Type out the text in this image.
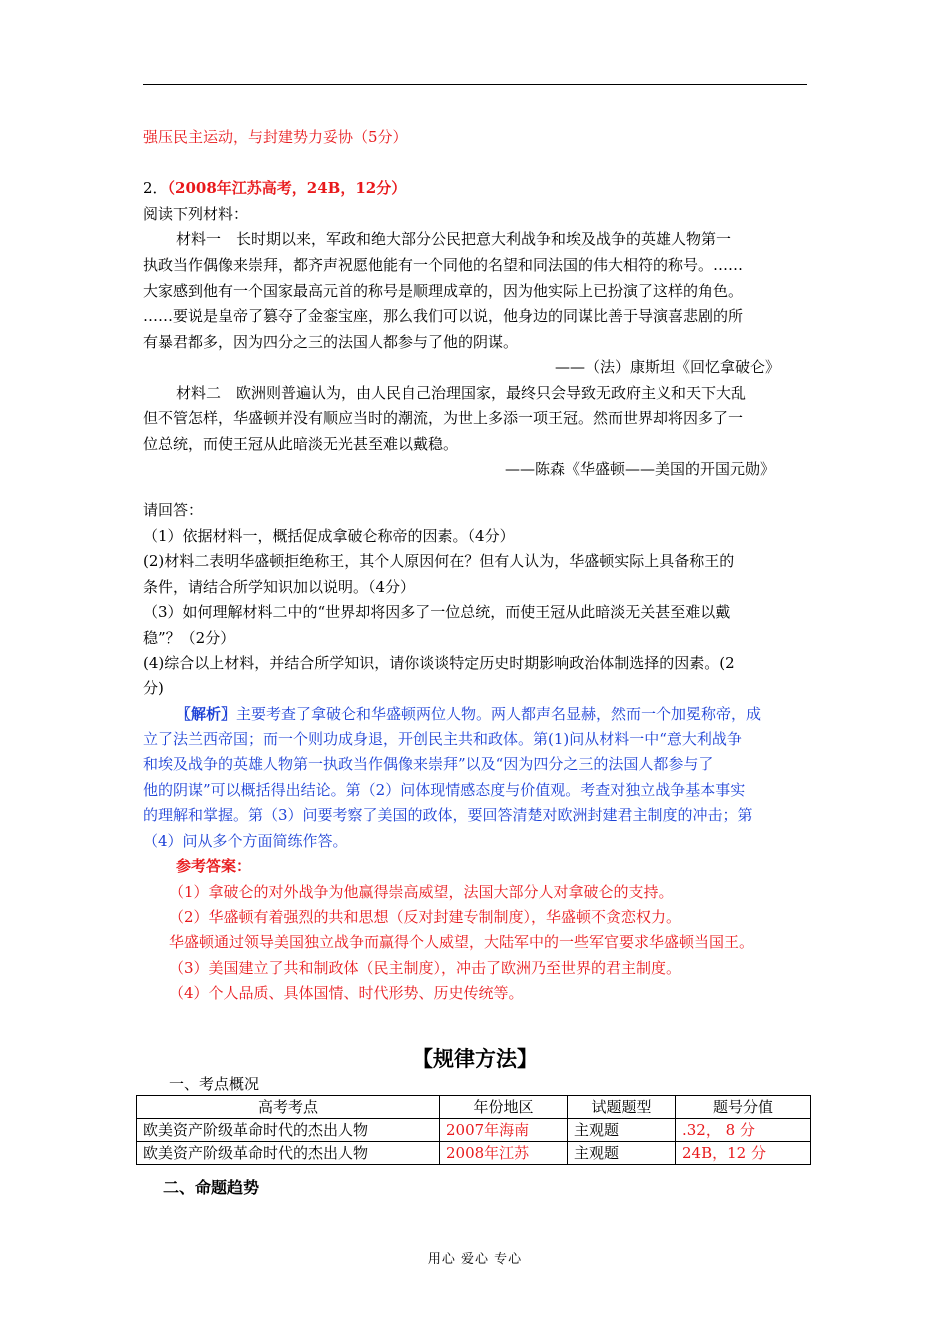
强压民主运动，与封建势力妥协（5分）
2．（2008年江苏高考，24B，12分）
阅读下列材料：
材料一　长时期以来，军政和绝大部分公民把意大利战争和埃及战争的英雄人物第一
执政当作偶像来崇拜，都齐声祝愿他能有一个同他的名望和同法国的伟大相符的称号。……
大家感到他有一个国家最高元首的称号是顺理成章的，因为他实际上已扮演了这样的角色。
……要说是皇帝了篡夺了金銮宝座，那么我们可以说，他身边的同谋比善于导演喜悲剧的所
有暴君都多，因为四分之三的法国人都参与了他的阴谋。
——（法）康斯坦《回忆拿破仑》
材料二　欧洲则普遍认为，由人民自己治理国家，最终只会导致无政府主义和天下大乱
但不管怎样，华盛顿并没有顺应当时的潮流，为世上多添一项王冠。然而世界却将因多了一
位总统，而使王冠从此暗淡无光甚至难以戴稳。
——陈森《华盛顿——美国的开国元勋》
请回答：
（1）依据材料一，概括促成拿破仑称帝的因素。（4分）
(2)材料二表明华盛顿拒绝称王，其个人原因何在？但有人认为，华盛顿实际上具备称王的
条件，请结合所学知识加以说明。（4分）
（3）如何理解材料二中的“世界却将因多了一位总统，而使王冠从此暗淡无关甚至难以戴
稳”？（2分）
(4)综合以上材料，并结合所学知识，请你谈谈特定历史时期影响政治体制选择的因素。(2
分)
〖解析〗主要考查了拿破仑和华盛顿两位人物。两人都声名显赫，然而一个加冕称帝，成
立了法兰西帝国；而一个则功成身退，开创民主共和政体。第(1)问从材料一中“意大利战争
和埃及战争的英雄人物第一执政当作偶像来崇拜”以及“因为四分之三的法国人都参与了
他的阴谋”可以概括得出结论。第（2）问体现情感态度与价值观。考查对独立战争基本事实
的理解和掌握。第（3）问要考察了美国的政体，要回答清楚对欧洲封建君主制度的冲击；第
（4）问从多个方面简练作答。
参考答案：
（1）拿破仑的对外战争为他赢得崇高威望，法国大部分人对拿破仑的支持。
（2）华盛顿有着强烈的共和思想（反对封建专制制度），华盛顿不贪恋权力。
华盛顿通过领导美国独立战争而赢得个人威望，大陆军中的一些军官要求华盛顿当国王。
（3）美国建立了共和制政体（民主制度），冲击了欧洲乃至世界的君主制度。
（4）个人品质、具体国情、时代形势、历史传统等。
【规律方法】
一、考点概况
高考考点	年份地区	试题题型	题号分值
欧美资产阶级革命时代的杰出人物	2007年海南	主观题	.32， 8 分
欧美资产阶级革命时代的杰出人物	2008年江苏	主观题	24B，12 分
二、命题趋势
用心 爱心 专心
